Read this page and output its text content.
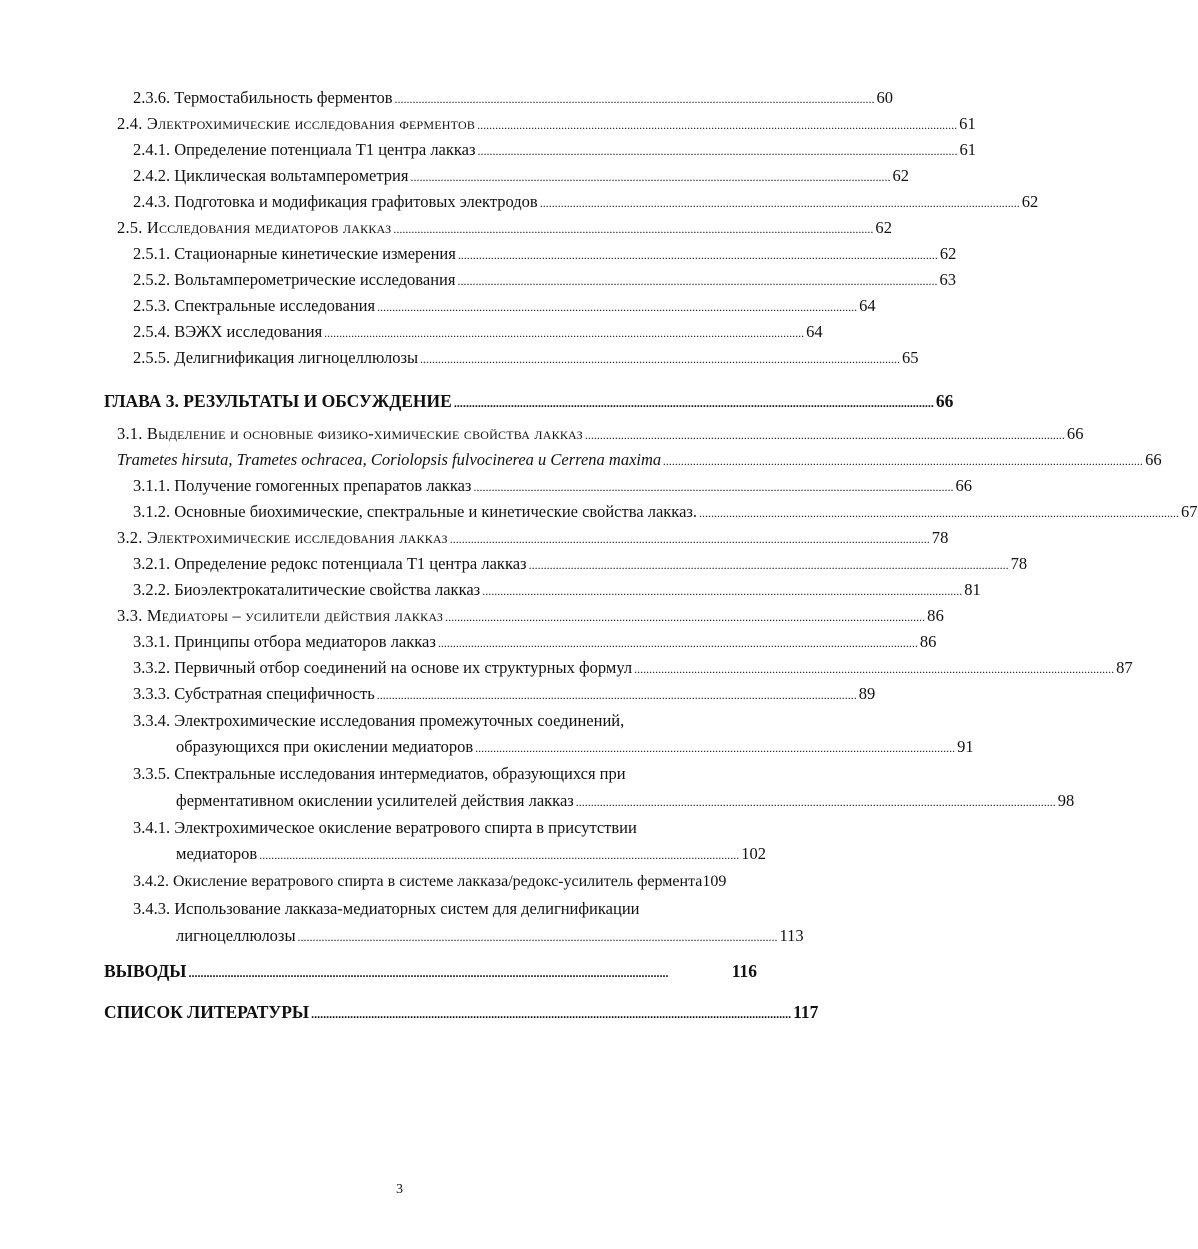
2.3.6. Термостабильность ферментов ................................................................................................................................................................ 60
2.4. Электрохимические исследования ферментов ................................................................................................................................................................ 61
2.4.1. Определение потенциала Т1 центра лакказ ................................................................................................................................................................ 61
2.4.2. Циклическая вольтамперометрия ................................................................................................................................................................ 62
2.4.3. Подготовка и модификация графитовых электродов ................................................................................................................................................................ 62
2.5. Исследования медиаторов лакказ ................................................................................................................................................................ 62
2.5.1. Стационарные кинетические измерения ................................................................................................................................................................ 62
2.5.2. Вольтамперометрические исследования ................................................................................................................................................................ 63
2.5.3. Спектральные исследования ................................................................................................................................................................ 64
2.5.4. ВЭЖХ исследования ................................................................................................................................................................ 64
2.5.5. Делигнификация лигноцеллюлозы ................................................................................................................................................................ 65
ГЛАВА 3. РЕЗУЛЬТАТЫ И ОБСУЖДЕНИЕ ................................................................................................................................................................ 66
3.1. Выделение и основные физико-химические свойства лакказ ................................................................................................................................................................ 66
Trametes hirsuta, Trametes ochracea, Coriolopsis fulvocinerea и Cerrena maxima ................................................................................................................................................................ 66
3.1.1. Получение гомогенных препаратов лакказ ................................................................................................................................................................ 66
3.1.2. Основные биохимические, спектральные и кинетические свойства лакказ. ................................................................................................................................................................ 67
3.2. Электрохимические исследования лакказ ................................................................................................................................................................ 78
3.2.1. Определение редокс потенциала Т1 центра лакказ ................................................................................................................................................................ 78
3.2.2. Биоэлектрокаталитические свойства лакказ ................................................................................................................................................................ 81
3.3. Медиаторы – усилители действия лакказ ................................................................................................................................................................ 86
3.3.1. Принципы отбора медиаторов лакказ ................................................................................................................................................................ 86
3.3.2. Первичный отбор соединений на основе их структурных формул ................................................................................................................................................................ 87
3.3.3. Субстратная специфичность ................................................................................................................................................................ 89
3.3.4. Электрохимические исследования промежуточных соединений,
образующихся при окислении медиаторов ................................................................................................................................................................ 91
3.3.5. Спектральные исследования интермедиатов, образующихся при
ферментативном окислении усилителей действия лакказ ................................................................................................................................................................ 98
3.4.1. Электрохимическое окисление вератрового спирта в присутствии
медиаторов ................................................................................................................................................................ 102
3.4.2. Окисление вератрового спирта в системе лакказа/редокс-усилитель фермента 109
3.4.3. Использование лакказа-медиаторных систем для делигнификации
лигноцеллюлозы ................................................................................................................................................................ 113
ВЫВОДЫ ................................................................................................................................................................	116
СПИСОК ЛИТЕРАТУРЫ ................................................................................................................................................................ 117
3
